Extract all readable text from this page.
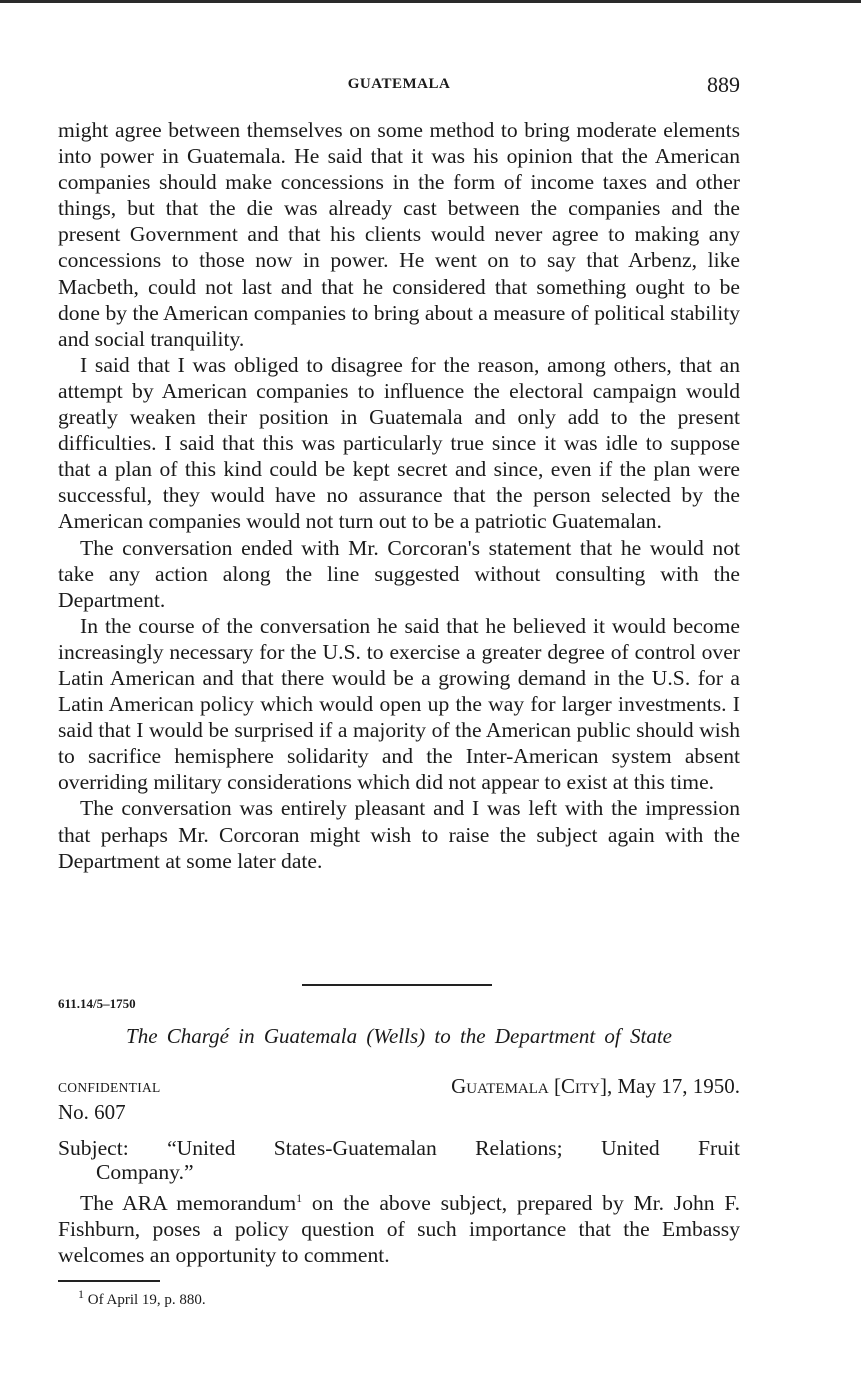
GUATEMALA	889

might agree between themselves on some method to bring moderate elements into power in Guatemala. He said that it was his opinion that the American companies should make concessions in the form of income taxes and other things, but that the die was already cast between the companies and the present Government and that his clients would never agree to making any concessions to those now in power. He went on to say that Arbenz, like Macbeth, could not last and that he considered that something ought to be done by the American companies to bring about a measure of political stability and social tranquility.

I said that I was obliged to disagree for the reason, among others, that an attempt by American companies to influence the electoral campaign would greatly weaken their position in Guatemala and only add to the present difficulties. I said that this was particularly true since it was idle to suppose that a plan of this kind could be kept secret and since, even if the plan were successful, they would have no assurance that the person selected by the American companies would not turn out to be a patriotic Guatemalan.

The conversation ended with Mr. Corcoran's statement that he would not take any action along the line suggested without consulting with the Department.

In the course of the conversation he said that he believed it would become increasingly necessary for the U.S. to exercise a greater degree of control over Latin American and that there would be a growing demand in the U.S. for a Latin American policy which would open up the way for larger investments. I said that I would be surprised if a majority of the American public should wish to sacrifice hemisphere solidarity and the Inter-American system absent overriding military considerations which did not appear to exist at this time.

The conversation was entirely pleasant and I was left with the impression that perhaps Mr. Corcoran might wish to raise the subject again with the Department at some later date.

611.14/5–1750
The Chargé in Guatemala (Wells) to the Department of State
CONFIDENTIAL	Guatemala [City], May 17, 1950.
No. 607
Subject: “United States-Guatemalan Relations; United Fruit
Company.”

The ARA memorandum$^1$ on the above subject, prepared by Mr. John F. Fishburn, poses a policy question of such importance that the Embassy welcomes an opportunity to comment.

$^1$ Of April 19, p. 880.
